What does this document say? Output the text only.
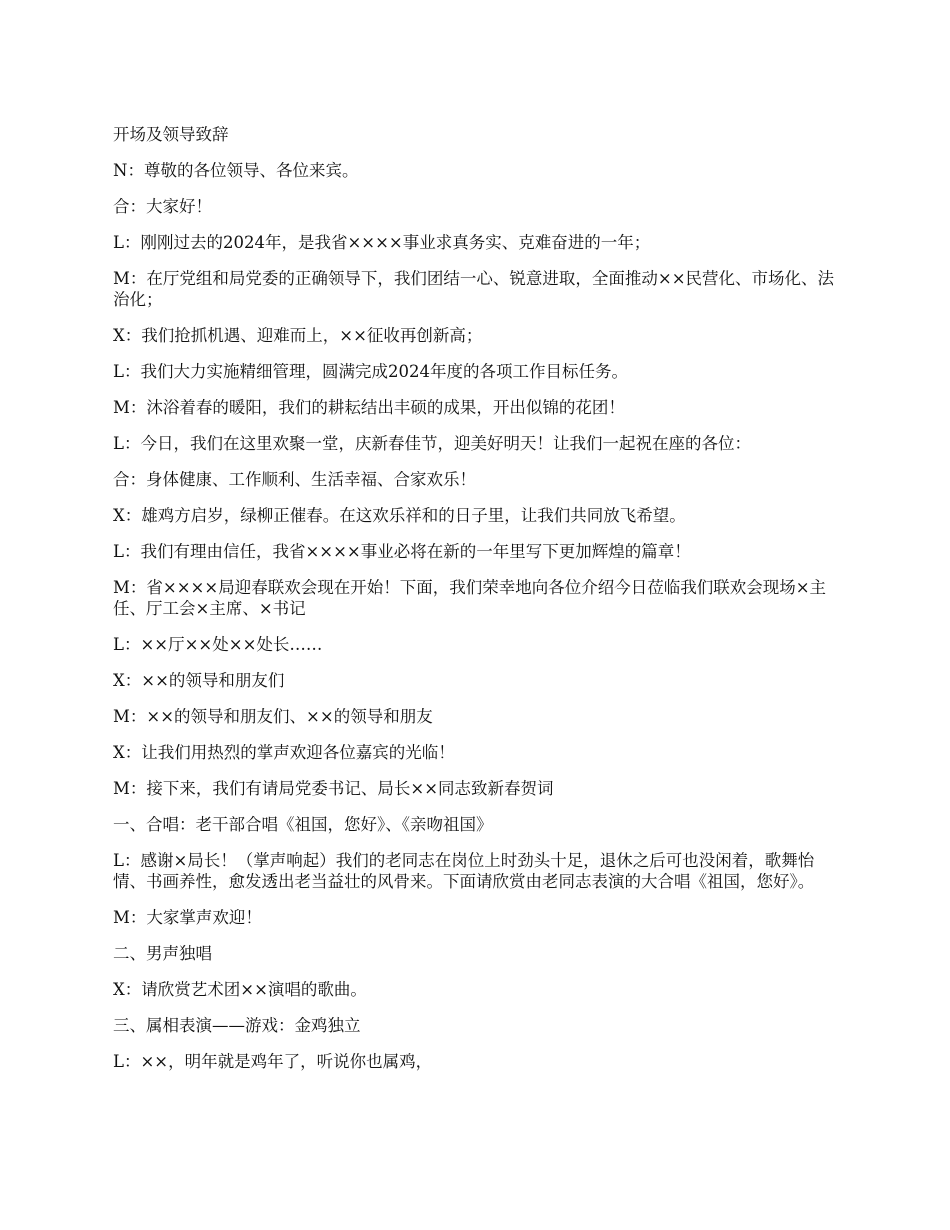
开场及领导致辞

N：尊敬的各位领导、各位来宾。

合：大家好！

L：刚刚过去的2024年，是我省××××事业求真务实、克难奋进的一年；

M：在厅党组和局党委的正确领导下，我们团结一心、锐意进取，全面推动××民营化、市场化、法治化；

X：我们抢抓机遇、迎难而上，××征收再创新高；

L：我们大力实施精细管理，圆满完成2024年度的各项工作目标任务。

M：沐浴着春的暖阳，我们的耕耘结出丰硕的成果，开出似锦的花团！

L：今日，我们在这里欢聚一堂，庆新春佳节，迎美好明天！让我们一起祝在座的各位：

合：身体健康、工作顺利、生活幸福、合家欢乐！

X：雄鸡方启岁，绿柳正催春。在这欢乐祥和的日子里，让我们共同放飞希望。

L：我们有理由信任，我省××××事业必将在新的一年里写下更加辉煌的篇章！

M：省××××局迎春联欢会现在开始！下面，我们荣幸地向各位介绍今日莅临我们联欢会现场×主任、厅工会×主席、×书记

L：××厅××处××处长……

X：××的领导和朋友们

M：××的领导和朋友们、××的领导和朋友

X：让我们用热烈的掌声欢迎各位嘉宾的光临！

M：接下来，我们有请局党委书记、局长××同志致新春贺词

一、合唱：老干部合唱《祖国，您好》、《亲吻祖国》

L：感谢×局长！（掌声响起）我们的老同志在岗位上时劲头十足，退休之后可也没闲着，歌舞怡情、书画养性，愈发透出老当益壮的风骨来。下面请欣赏由老同志表演的大合唱《祖国，您好》。

M：大家掌声欢迎！

二、男声独唱

X：请欣赏艺术团××演唱的歌曲。

三、属相表演——游戏：金鸡独立

L：××，明年就是鸡年了，听说你也属鸡，
